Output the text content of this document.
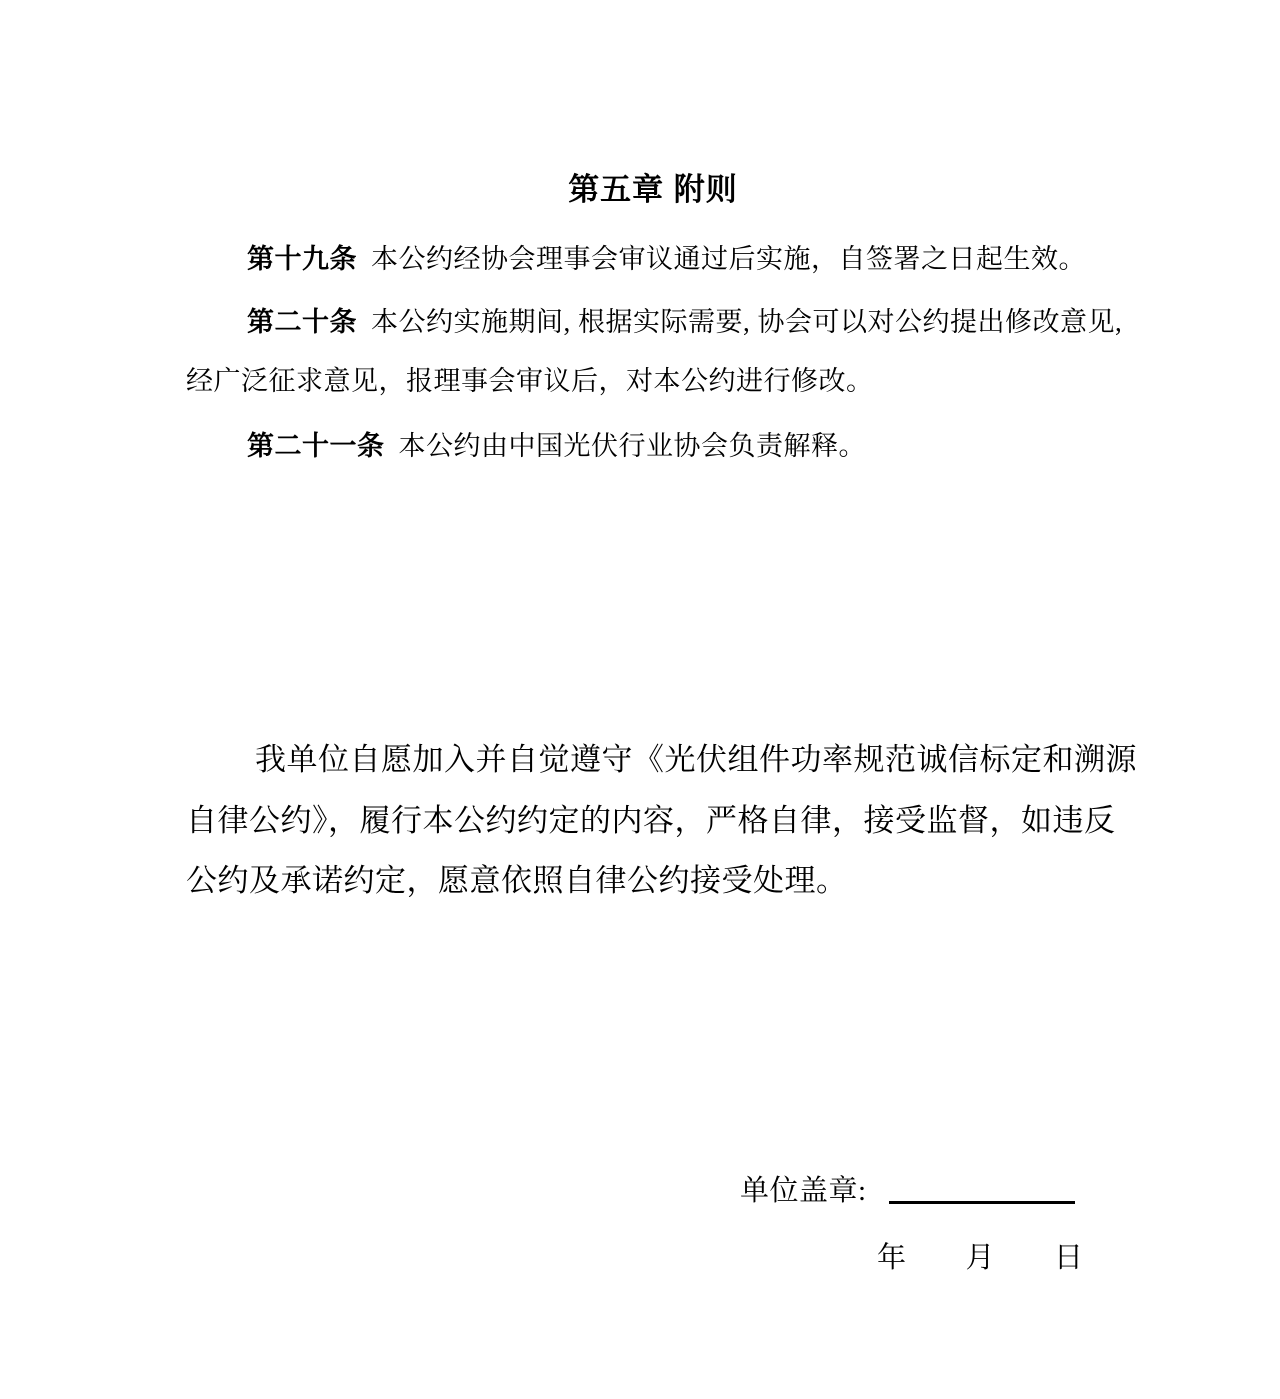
第五章 附则
第十九条 本公约经协会理事会审议通过后实施，自签署之日起生效。
第二十条 本公约实施期间, 根据实际需要, 协会可以对公约提出修改意见,
经广泛征求意见，报理事会审议后，对本公约进行修改。
第二十一条 本公约由中国光伏行业协会负责解释。
我单位自愿加入并自觉遵守《光伏组件功率规范诚信标定和溯源
自律公约》，履行本公约约定的内容，严格自律，接受监督，如违反
公约及承诺约定，愿意依照自律公约接受处理。
单位盖章:
年　　月　　日
